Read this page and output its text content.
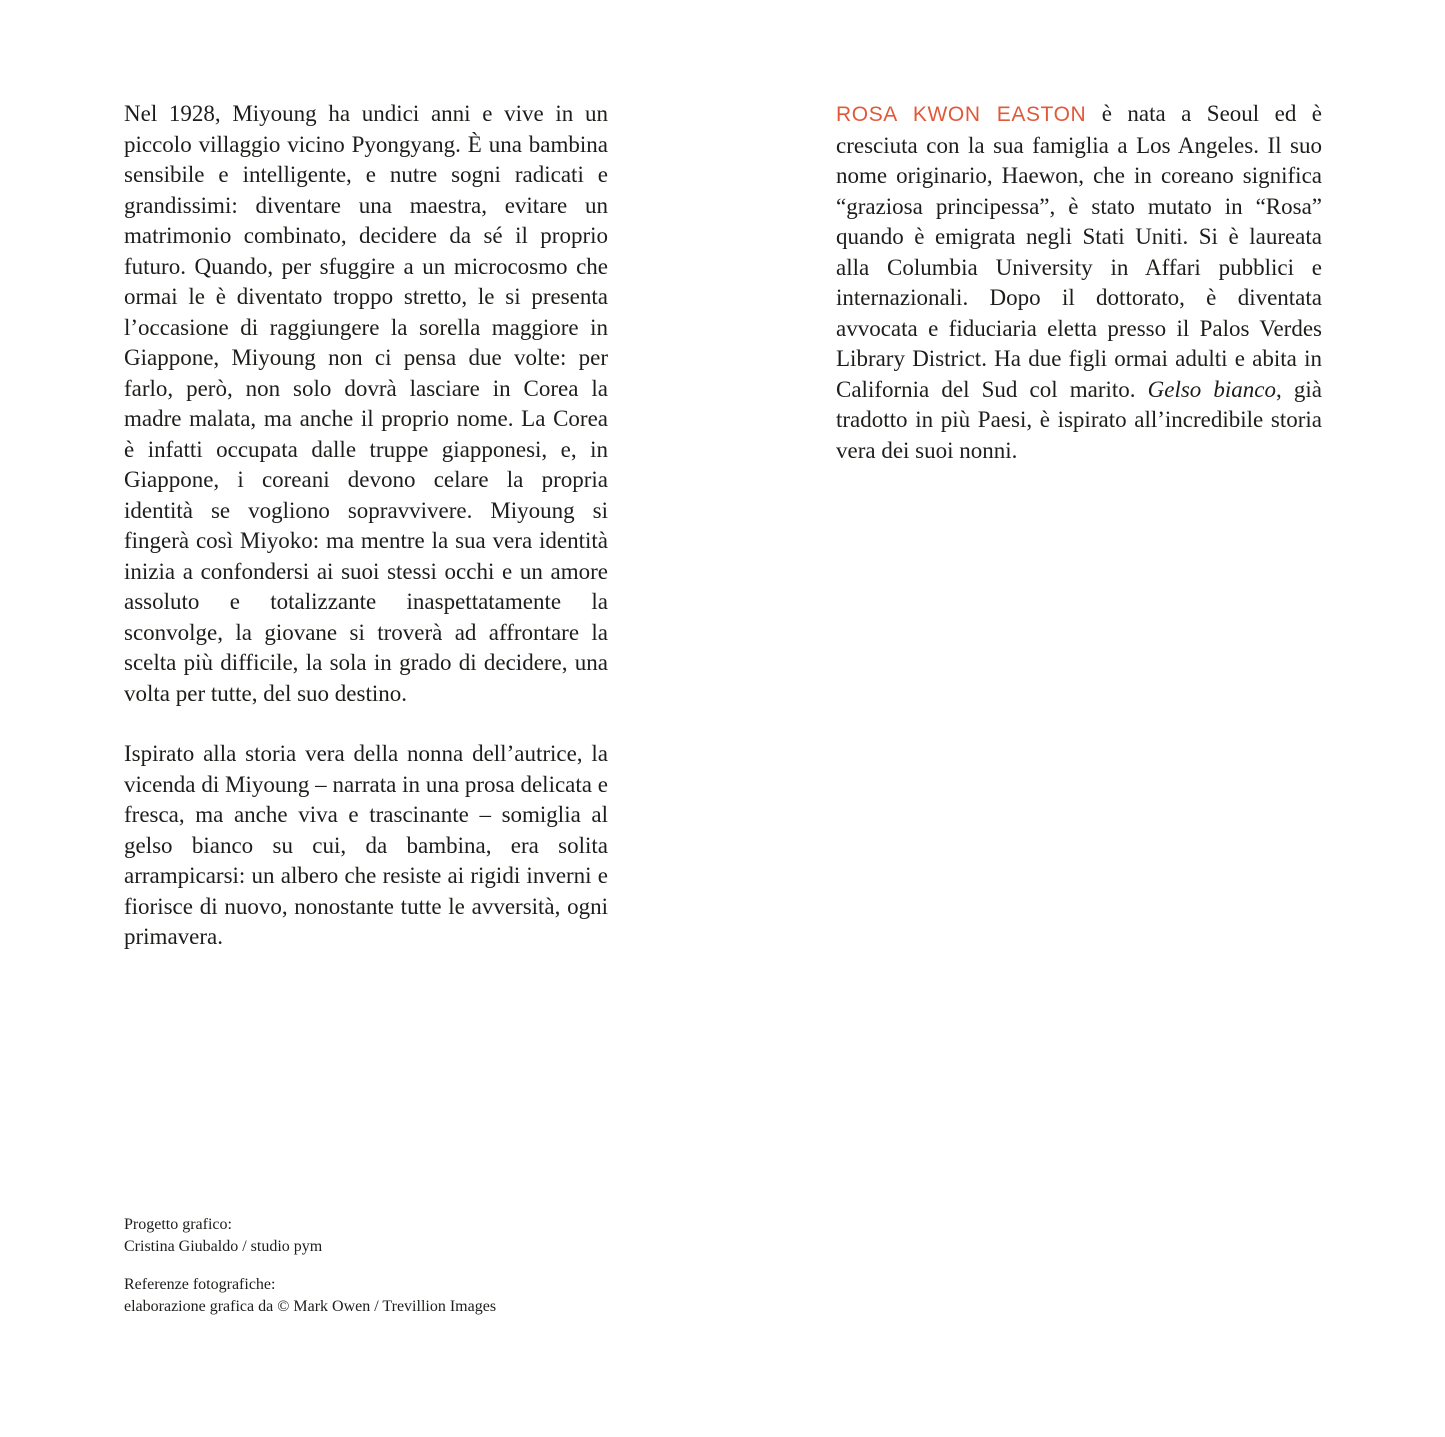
Nel 1928, Miyoung ha undici anni e vive in un piccolo villaggio vicino Pyongyang. È una bambina sensibile e intelligente, e nutre sogni radicati e grandissimi: diventare una maestra, evitare un matrimonio combinato, decidere da sé il proprio futuro. Quando, per sfuggire a un microcosmo che ormai le è diventato troppo stretto, le si presenta l’occasione di raggiungere la sorella maggiore in Giappone, Miyoung non ci pensa due volte: per farlo, però, non solo dovrà lasciare in Corea la madre malata, ma anche il proprio nome. La Corea è infatti occupata dalle truppe giapponesi, e, in Giappone, i coreani devono celare la propria identità se vogliono sopravvivere. Miyoung si fingerà così Miyoko: ma mentre la sua vera identità inizia a confondersi ai suoi stessi occhi e un amore assoluto e totalizzante inaspettatamente la sconvolge, la giovane si troverà ad affrontare la scelta più difficile, la sola in grado di decidere, una volta per tutte, del suo destino.

Ispirato alla storia vera della nonna dell’autrice, la vicenda di Miyoung – narrata in una prosa delicata e fresca, ma anche viva e trascinante – somiglia al gelso bianco su cui, da bambina, era solita arrampicarsi: un albero che resiste ai rigidi inverni e fiorisce di nuovo, nonostante tutte le avversità, ogni primavera.

ROSA KWON EASTON è nata a Seoul ed è cresciuta con la sua famiglia a Los Angeles. Il suo nome originario, Haewon, che in coreano significa “graziosa principessa”, è stato mutato in “Rosa” quando è emigrata negli Stati Uniti. Si è laureata alla Columbia University in Affari pubblici e internazionali. Dopo il dottorato, è diventata avvocata e fiduciaria eletta presso il Palos Verdes Library District. Ha due figli ormai adulti e abita in California del Sud col marito. Gelso bianco, già tradotto in più Paesi, è ispirato all’incredibile storia vera dei suoi nonni.

Progetto grafico:
Cristina Giubaldo / studio pym
Referenze fotografiche:
elaborazione grafica da © Mark Owen / Trevillion Images
